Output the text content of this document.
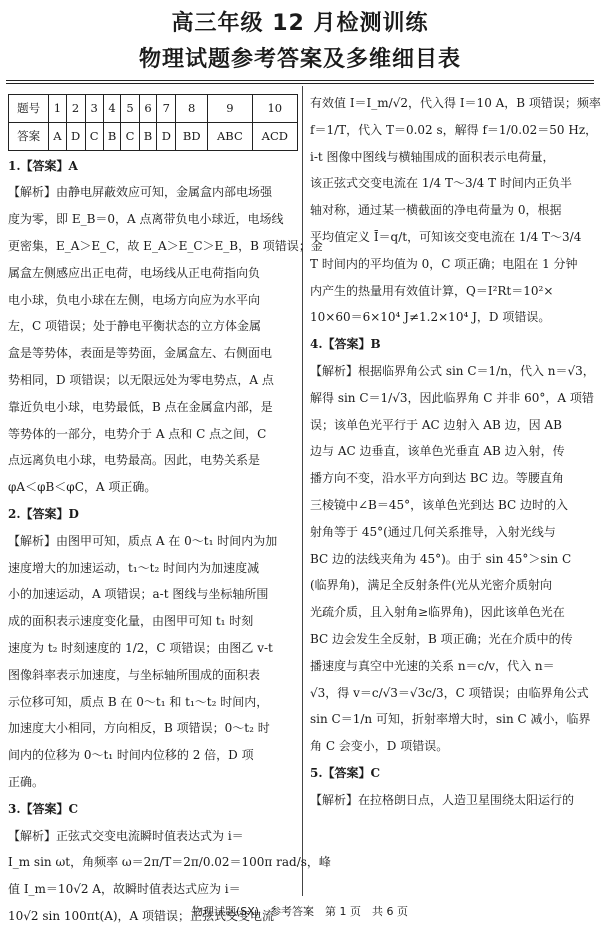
高三年级 12 月检测训练
物理试题参考答案及多维细目表
题号	1	2	3	4	5	6	7	8	9	10
答案	A	D	C	B	C	B	D	BD	ABC	ACD
1.【答案】A
【解析】由静电屏蔽效应可知，金属盒内部电场强
度为零，即 E_B＝0，A 点离带负电小球近，电场线
更密集，E_A＞E_C，故 E_A＞E_C＞E_B，B 项错误；金
属盒左侧感应出正电荷，电场线从正电荷指向负
电小球，负电小球在左侧，电场方向应为水平向
左，C 项错误；处于静电平衡状态的立方体金属
盒是等势体，表面是等势面，金属盒左、右侧面电
势相同，D 项错误；以无限远处为零电势点，A 点
靠近负电小球，电势最低，B 点在金属盒内部，是
等势体的一部分，电势介于 A 点和 C 点之间，C
点远离负电小球，电势最高。因此，电势关系是
φA＜φB＜φC，A 项正确。
2.【答案】D
【解析】由图甲可知，质点 A 在 0～t₁ 时间内为加
速度增大的加速运动，t₁～t₂ 时间内为加速度减
小的加速运动，A 项错误；a-t 图线与坐标轴所围
成的面积表示速度变化量，由图甲可知 t₁ 时刻
速度为 t₂ 时刻速度的 1/2，C 项错误；由图乙 v-t
图像斜率表示加速度，与坐标轴所围成的面积表
示位移可知，质点 B 在 0～t₁ 和 t₁～t₂ 时间内，
加速度大小相同，方向相反，B 项错误；0～t₂ 时
间内的位移为 0～t₁ 时间内位移的 2 倍，D 项
正确。
3.【答案】C
【解析】正弦式交变电流瞬时值表达式为 i＝
I_m sin ωt，角频率 ω＝2π/T＝2π/0.02＝100π rad/s，峰
值 I_m＝10√2 A，故瞬时值表达式应为 i＝
10√2 sin 100πt(A)，A 项错误；正弦式交变电流
有效值 I＝I_m/√2，代入得 I＝10 A，B 项错误；频率
f＝1/T，代入 T＝0.02 s，解得 f＝1/0.02＝50 Hz，
i-t 图像中图线与横轴围成的面积表示电荷量，
该正弦式交变电流在 1/4 T～3/4 T 时间内正负半
轴对称，通过某一横截面的净电荷量为 0，根据
平均值定义 Ī＝q/t，可知该交变电流在 1/4 T～3/4
T 时间内的平均值为 0，C 项正确；电阻在 1 分钟
内产生的热量用有效值计算，Q＝I²Rt＝10²×
10×60＝6×10⁴ J≠1.2×10⁴ J，D 项错误。
4.【答案】B
【解析】根据临界角公式 sin C＝1/n，代入 n＝√3，
解得 sin C＝1/√3，因此临界角 C 并非 60°，A 项错
误；该单色光平行于 AC 边射入 AB 边，因 AB
边与 AC 边垂直，该单色光垂直 AB 边入射，传
播方向不变，沿水平方向到达 BC 边。等腰直角
三棱镜中∠B＝45°，该单色光到达 BC 边时的入
射角等于 45°(通过几何关系推导，入射光线与
BC 边的法线夹角为 45°)。由于 sin 45°＞sin C
(临界角)，满足全反射条件(光从光密介质射向
光疏介质，且入射角≥临界角)，因此该单色光在
BC 边会发生全反射，B 项正确；光在介质中的传
播速度与真空中光速的关系 n＝c/v，代入 n＝
√3，得 v＝c/√3＝√3c/3，C 项错误；由临界角公式
sin C＝1/n 可知，折射率增大时，sin C 减小，临界
角 C 会变小，D 项错误。
5.【答案】C
【解析】在拉格朗日点，人造卫星围绕太阳运行的
物理试题(SX)　参考答案　第 1 页　共 6 页
